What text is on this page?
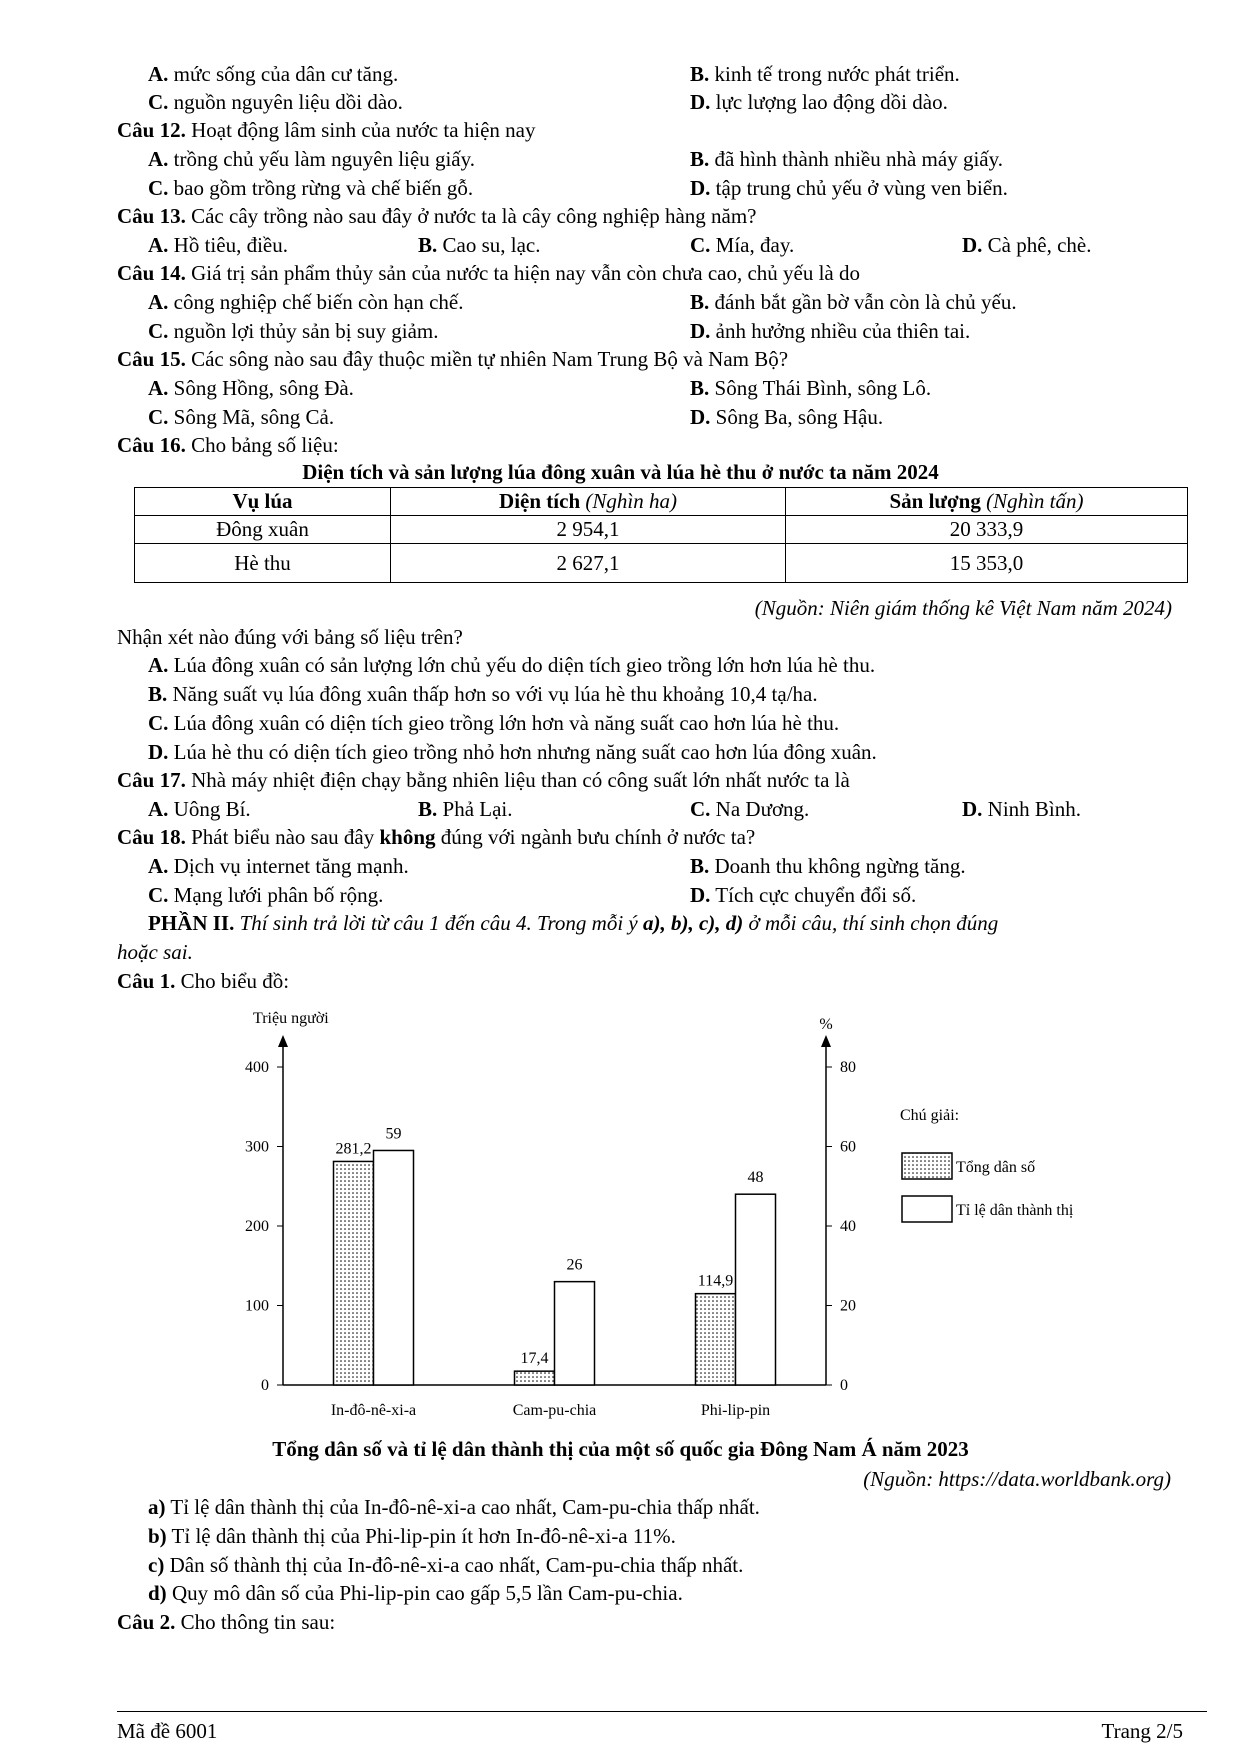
A. mức sống của dân cư tăng.	B. kinh tế trong nước phát triển.
C. nguồn nguyên liệu dồi dào.	D. lực lượng lao động dồi dào.
Câu 12. Hoạt động lâm sinh của nước ta hiện nay
A. trồng chủ yếu làm nguyên liệu giấy.	B. đã hình thành nhiều nhà máy giấy.
C. bao gồm trồng rừng và chế biến gỗ.	D. tập trung chủ yếu ở vùng ven biển.
Câu 13. Các cây trồng nào sau đây ở nước ta là cây công nghiệp hàng năm?
A. Hồ tiêu, điều.	B. Cao su, lạc.	C. Mía, đay.	D. Cà phê, chè.
Câu 14. Giá trị sản phẩm thủy sản của nước ta hiện nay vẫn còn chưa cao, chủ yếu là do
A. công nghiệp chế biến còn hạn chế.	B. đánh bắt gần bờ vẫn còn là chủ yếu.
C. nguồn lợi thủy sản bị suy giảm.	D. ảnh hưởng nhiều của thiên tai.
Câu 15. Các sông nào sau đây thuộc miền tự nhiên Nam Trung Bộ và Nam Bộ?
A. Sông Hồng, sông Đà.	B. Sông Thái Bình, sông Lô.
C. Sông Mã, sông Cả.	D. Sông Ba, sông Hậu.
Câu 16. Cho bảng số liệu:
Diện tích và sản lượng lúa đông xuân và lúa hè thu ở nước ta năm 2024
Vụ lúa	Diện tích (Nghìn ha)	Sản lượng (Nghìn tấn)
Đông xuân	2 954,1	20 333,9
Hè thu	2 627,1	15 353,0
(Nguồn: Niên giám thống kê Việt Nam năm 2024)
Nhận xét nào đúng với bảng số liệu trên?
A. Lúa đông xuân có sản lượng lớn chủ yếu do diện tích gieo trồng lớn hơn lúa hè thu.
B. Năng suất vụ lúa đông xuân thấp hơn so với vụ lúa hè thu khoảng 10,4 tạ/ha.
C. Lúa đông xuân có diện tích gieo trồng lớn hơn và năng suất cao hơn lúa hè thu.
D. Lúa hè thu có diện tích gieo trồng nhỏ hơn nhưng năng suất cao hơn lúa đông xuân.
Câu 17. Nhà máy nhiệt điện chạy bằng nhiên liệu than có công suất lớn nhất nước ta là
A. Uông Bí.	B. Phả Lại.	C. Na Dương.	D. Ninh Bình.
Câu 18. Phát biểu nào sau đây không đúng với ngành bưu chính ở nước ta?
A. Dịch vụ internet tăng mạnh.	B. Doanh thu không ngừng tăng.
C. Mạng lưới phân bố rộng.	D. Tích cực chuyển đổi số.
PHẦN II. Thí sinh trả lời từ câu 1 đến câu 4. Trong mỗi ý a), b), c), d) ở mỗi câu, thí sinh chọn đúng
hoặc sai.
Câu 1. Cho biểu đồ:
Triệu người	%
0
100
200
300
400
0
20
40
60
80
281,2
59
In-đô-nê-xi-a
17,4
26
Cam-pu-chia
114,9
48
Phi-lip-pin
Chú giải:
Tổng dân số
Tỉ lệ dân thành thị
Tổng dân số và tỉ lệ dân thành thị của một số quốc gia Đông Nam Á năm 2023
(Nguồn: https://data.worldbank.org)
a) Tỉ lệ dân thành thị của In-đô-nê-xi-a cao nhất, Cam-pu-chia thấp nhất.
b) Tỉ lệ dân thành thị của Phi-lip-pin ít hơn In-đô-nê-xi-a 11%.
c) Dân số thành thị của In-đô-nê-xi-a cao nhất, Cam-pu-chia thấp nhất.
d) Quy mô dân số của Phi-lip-pin cao gấp 5,5 lần Cam-pu-chia.
Câu 2. Cho thông tin sau:
Mã đề 6001	Trang 2/5
